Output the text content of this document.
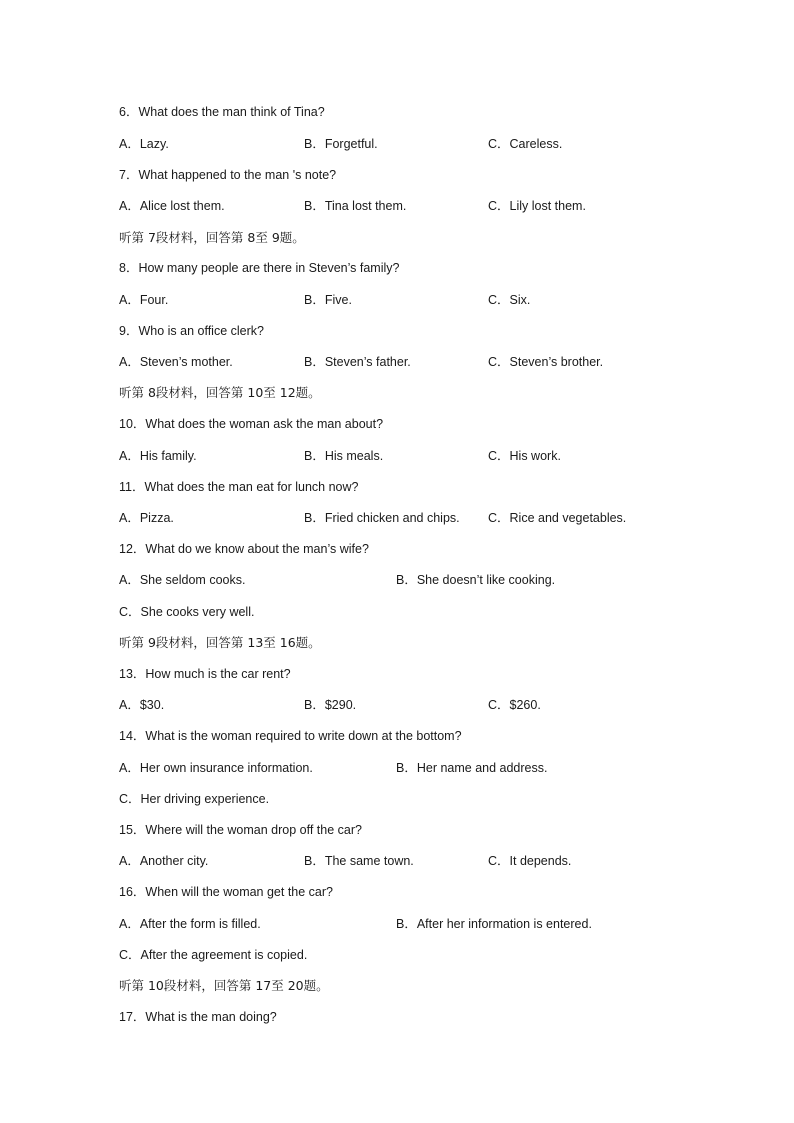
6．What does the man think of Tina?
A．Lazy.	B．Forgetful.	C．Careless.
7．What happened to the man 's note?
A．Alice lost them.	B．Tina lost them.	C．Lily lost them.
听第 7段材料，回答第 8至 9题。
8．How many people are there in Steven’s family?
A．Four.	B．Five.	C．Six.
9．Who is an office clerk?
A．Steven’s mother.	B．Steven’s father.	C．Steven’s brother.
听第 8段材料，回答第 10至 12题。
10．What does the woman ask the man about?
A．His family.	B．His meals.	C．His work.
11．What does the man eat for lunch now?
A．Pizza.	B．Fried chicken and chips. C．Rice and vegetables.
12．What do we know about the man’s wife?
A．She seldom cooks.	B．She doesn’t like cooking.
C．She cooks very well.
听第 9段材料，回答第 13至 16题。
13．How much is the car rent?
A．$30.	B．$290.	C．$260.
14．What is the woman required to write down at the bottom?
A．Her own insurance information.	B．Her name and address.
C．Her driving experience.
15．Where will the woman drop off the car?
A．Another city.	B．The same town.	C．It depends.
16．When will the woman get the car?
A．After the form is filled.	B．After her information is entered.
C．After the agreement is copied.
听第 10段材料，回答第 17至 20题。
17．What is the man doing?
